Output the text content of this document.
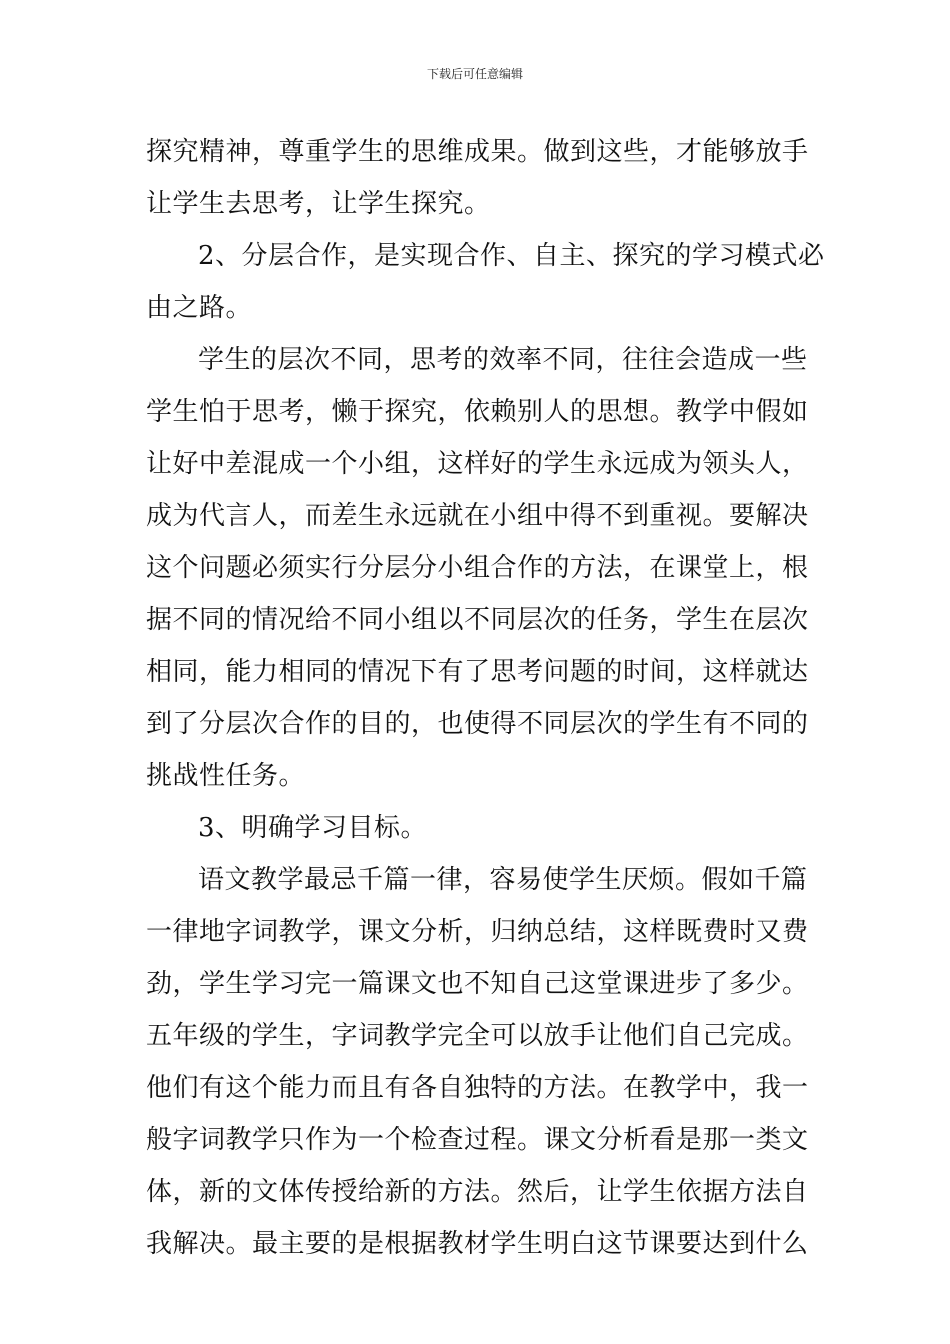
下载后可任意编辑
探究精神，尊重学生的思维成果。做到这些，才能够放手
让学生去思考，让学生探究。
2、分层合作，是实现合作、自主、探究的学习模式必
由之路。
学生的层次不同，思考的效率不同，往往会造成一些
学生怕于思考，懒于探究，依赖别人的思想。教学中假如
让好中差混成一个小组，这样好的学生永远成为领头人，
成为代言人，而差生永远就在小组中得不到重视。要解决
这个问题必须实行分层分小组合作的方法，在课堂上，根
据不同的情况给不同小组以不同层次的任务，学生在层次
相同，能力相同的情况下有了思考问题的时间，这样就达
到了分层次合作的目的，也使得不同层次的学生有不同的
挑战性任务。
3、明确学习目标。
语文教学最忌千篇一律，容易使学生厌烦。假如千篇
一律地字词教学，课文分析，归纳总结，这样既费时又费
劲，学生学习完一篇课文也不知自己这堂课进步了多少。
五年级的学生，字词教学完全可以放手让他们自己完成。
他们有这个能力而且有各自独特的方法。在教学中，我一
般字词教学只作为一个检查过程。课文分析看是那一类文
体，新的文体传授给新的方法。然后，让学生依据方法自
我解决。最主要的是根据教材学生明白这节课要达到什么
